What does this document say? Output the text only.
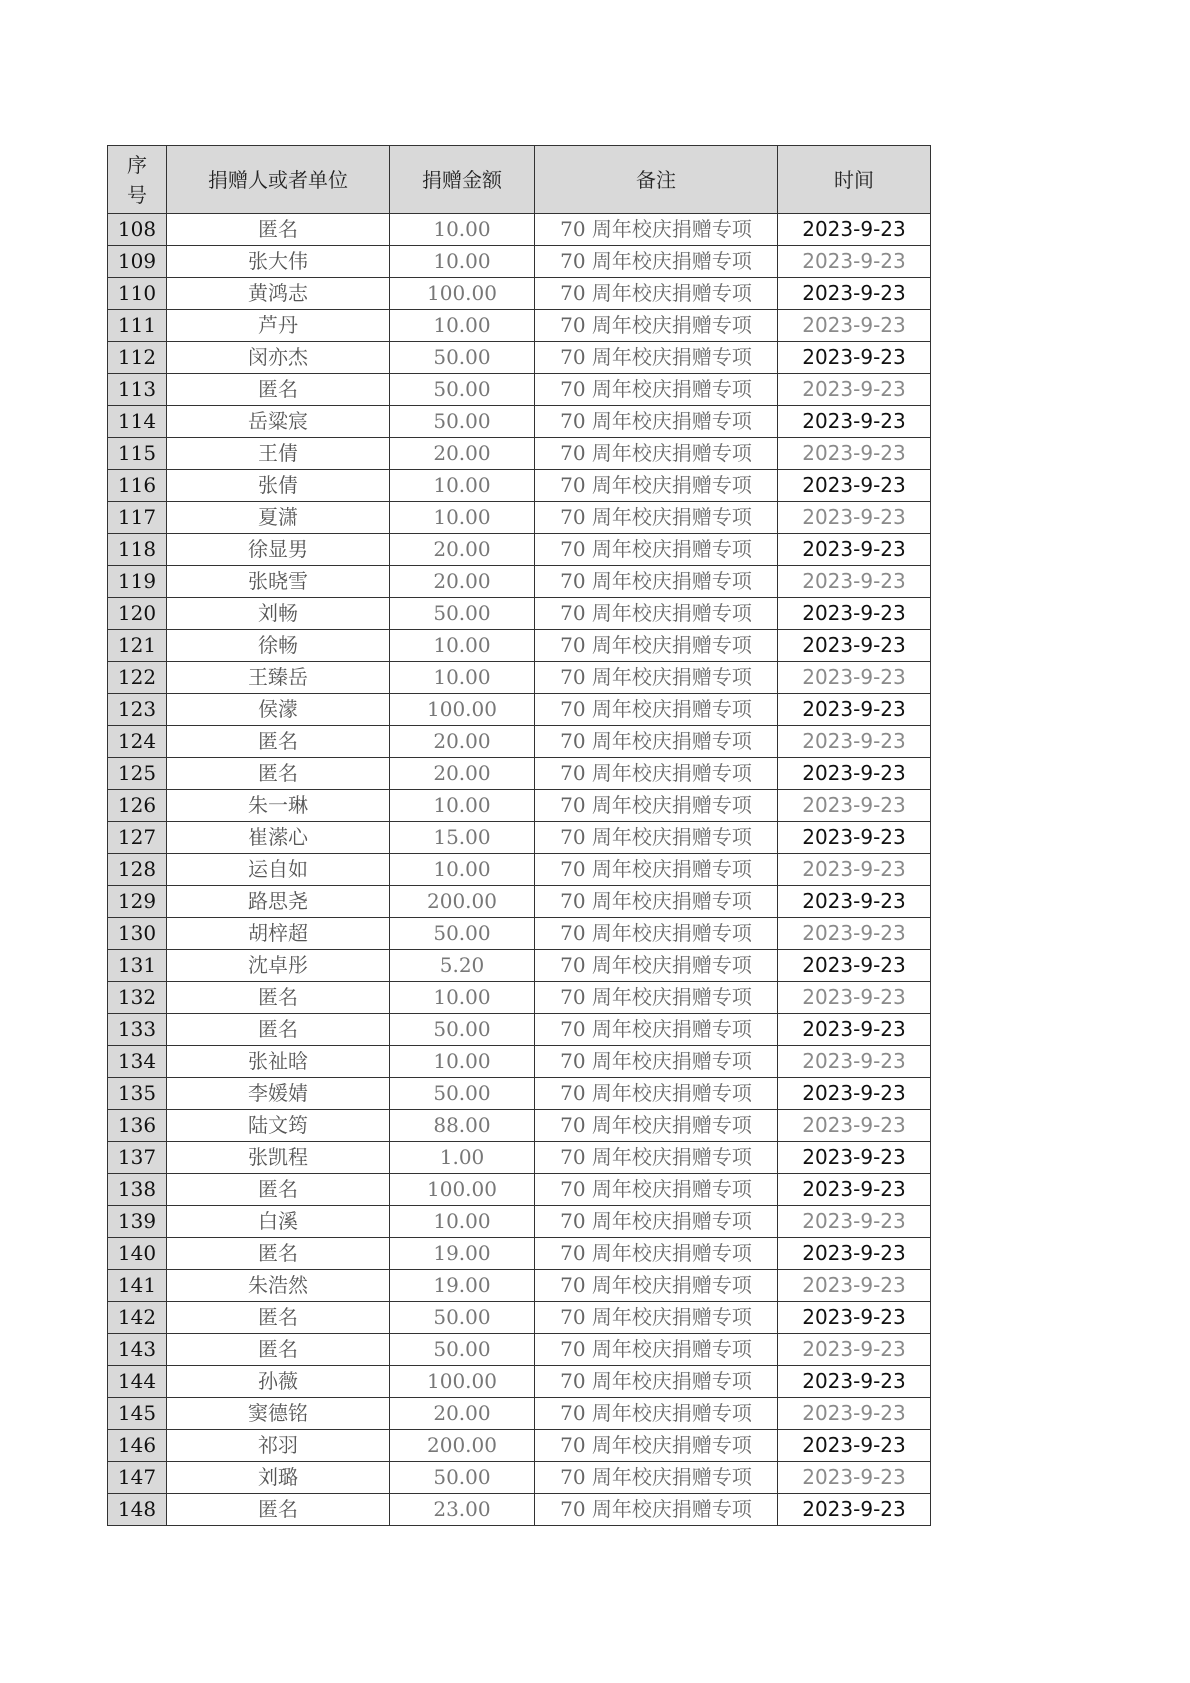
序
号	捐赠人或者单位	捐赠金额	备注	时间
108	匿名	10.00	70 周年校庆捐赠专项	2023-9-23
109	张大伟	10.00	70 周年校庆捐赠专项	2023-9-23
110	黄鸿志	100.00	70 周年校庆捐赠专项	2023-9-23
111	芦丹	10.00	70 周年校庆捐赠专项	2023-9-23
112	闵亦杰	50.00	70 周年校庆捐赠专项	2023-9-23
113	匿名	50.00	70 周年校庆捐赠专项	2023-9-23
114	岳粱宸	50.00	70 周年校庆捐赠专项	2023-9-23
115	王倩	20.00	70 周年校庆捐赠专项	2023-9-23
116	张倩	10.00	70 周年校庆捐赠专项	2023-9-23
117	夏潇	10.00	70 周年校庆捐赠专项	2023-9-23
118	徐显男	20.00	70 周年校庆捐赠专项	2023-9-23
119	张晓雪	20.00	70 周年校庆捐赠专项	2023-9-23
120	刘畅	50.00	70 周年校庆捐赠专项	2023-9-23
121	徐畅	10.00	70 周年校庆捐赠专项	2023-9-23
122	王臻岳	10.00	70 周年校庆捐赠专项	2023-9-23
123	侯濛	100.00	70 周年校庆捐赠专项	2023-9-23
124	匿名	20.00	70 周年校庆捐赠专项	2023-9-23
125	匿名	20.00	70 周年校庆捐赠专项	2023-9-23
126	朱一琳	10.00	70 周年校庆捐赠专项	2023-9-23
127	崔潆心	15.00	70 周年校庆捐赠专项	2023-9-23
128	运自如	10.00	70 周年校庆捐赠专项	2023-9-23
129	路思尧	200.00	70 周年校庆捐赠专项	2023-9-23
130	胡梓超	50.00	70 周年校庆捐赠专项	2023-9-23
131	沈卓彤	5.20	70 周年校庆捐赠专项	2023-9-23
132	匿名	10.00	70 周年校庆捐赠专项	2023-9-23
133	匿名	50.00	70 周年校庆捐赠专项	2023-9-23
134	张祉晗	10.00	70 周年校庆捐赠专项	2023-9-23
135	李媛婧	50.00	70 周年校庆捐赠专项	2023-9-23
136	陆文筠	88.00	70 周年校庆捐赠专项	2023-9-23
137	张凯程	1.00	70 周年校庆捐赠专项	2023-9-23
138	匿名	100.00	70 周年校庆捐赠专项	2023-9-23
139	白溪	10.00	70 周年校庆捐赠专项	2023-9-23
140	匿名	19.00	70 周年校庆捐赠专项	2023-9-23
141	朱浩然	19.00	70 周年校庆捐赠专项	2023-9-23
142	匿名	50.00	70 周年校庆捐赠专项	2023-9-23
143	匿名	50.00	70 周年校庆捐赠专项	2023-9-23
144	孙薇	100.00	70 周年校庆捐赠专项	2023-9-23
145	窦德铭	20.00	70 周年校庆捐赠专项	2023-9-23
146	祁羽	200.00	70 周年校庆捐赠专项	2023-9-23
147	刘璐	50.00	70 周年校庆捐赠专项	2023-9-23
148	匿名	23.00	70 周年校庆捐赠专项	2023-9-23
